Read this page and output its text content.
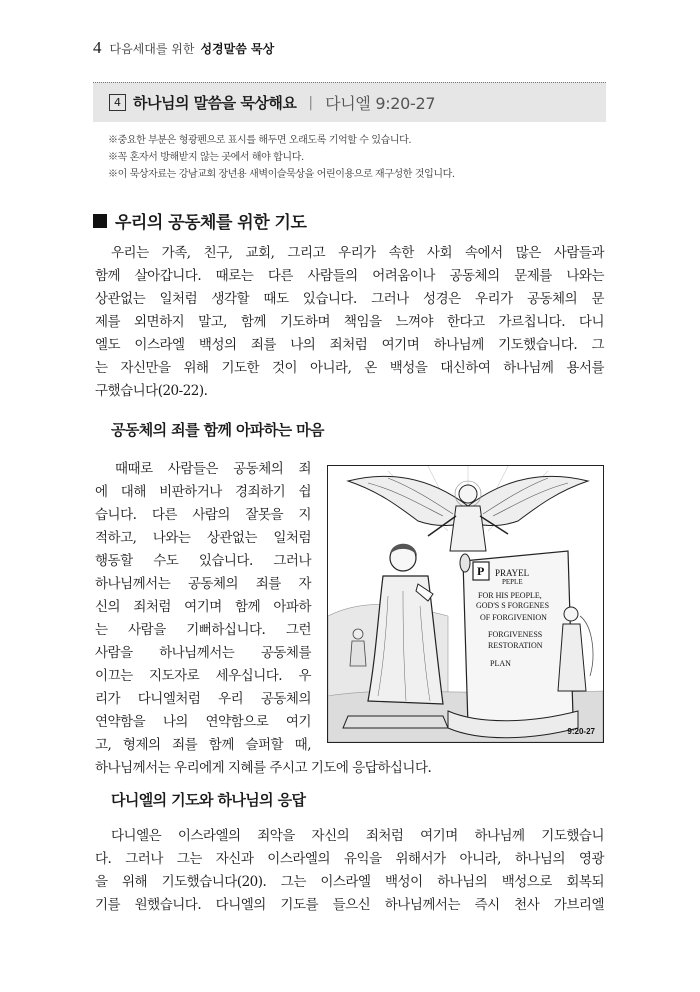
4 다음세대를 위한 성경말씀 묵상
4 하나님의 말씀을 묵상해요 | 다니엘 9:20-27
※중요한 부분은 형광펜으로 표시를 해두면 오래도록 기억할 수 있습니다.
※꼭 혼자서 방해받지 않는 곳에서 해야 합니다.
※이 묵상자료는 강남교회 장년용 새벽이슬묵상을 어린이용으로 재구성한 것입니다.
우리의 공동체를 위한 기도
우리는 가족, 친구, 교회, 그리고 우리가 속한 사회 속에서 많은 사람들과
함께 살아갑니다. 때로는 다른 사람들의 어려움이나 공동체의 문제를 나와는
상관없는 일처럼 생각할 때도 있습니다. 그러나 성경은 우리가 공동체의 문
제를 외면하지 말고, 함께 기도하며 책임을 느껴야 한다고 가르칩니다. 다니
엘도 이스라엘 백성의 죄를 나의 죄처럼 여기며 하나님께 기도했습니다. 그
는 자신만을 위해 기도한 것이 아니라, 온 백성을 대신하여 하나님께 용서를
구했습니다(20-22).
공동체의 죄를 함께 아파하는 마음
때때로 사람들은 공동체의 죄
에 대해 비판하거나 경죄하기 쉽
습니다. 다른 사람의 잘못을 지
적하고, 나와는 상관없는 일처럼
행동할 수도 있습니다. 그러나
하나님께서는 공동체의 죄를 자
신의 죄처럼 여기며 함께 아파하
는 사람을 기뻐하십니다. 그런
사람을 하나님께서는 공동체를
이끄는 지도자로 세우십니다. 우
리가 다니엘처럼 우리 공동체의
연약함을 나의 연약함으로 여기
고, 형제의 죄를 함께 슬퍼할 때,
하나님께서는 우리에게 지혜를 주시고 기도에 응답하십니다.
PRAYEL
PEPLE
FOR HIS PEOPLE,
GOD'S S FORGENES
OF FORGIVENION
FORGIVENESS
RESTORATION
PLAN
P
9:20-27
다니엘의 기도와 하나님의 응답
다니엘은 이스라엘의 죄악을 자신의 죄처럼 여기며 하나님께 기도했습니
다. 그러나 그는 자신과 이스라엘의 유익을 위해서가 아니라, 하나님의 영광
을 위해 기도했습니다(20). 그는 이스라엘 백성이 하나님의 백성으로 회복되
기를 원했습니다. 다니엘의 기도를 들으신 하나님께서는 즉시 천사 가브리엘
